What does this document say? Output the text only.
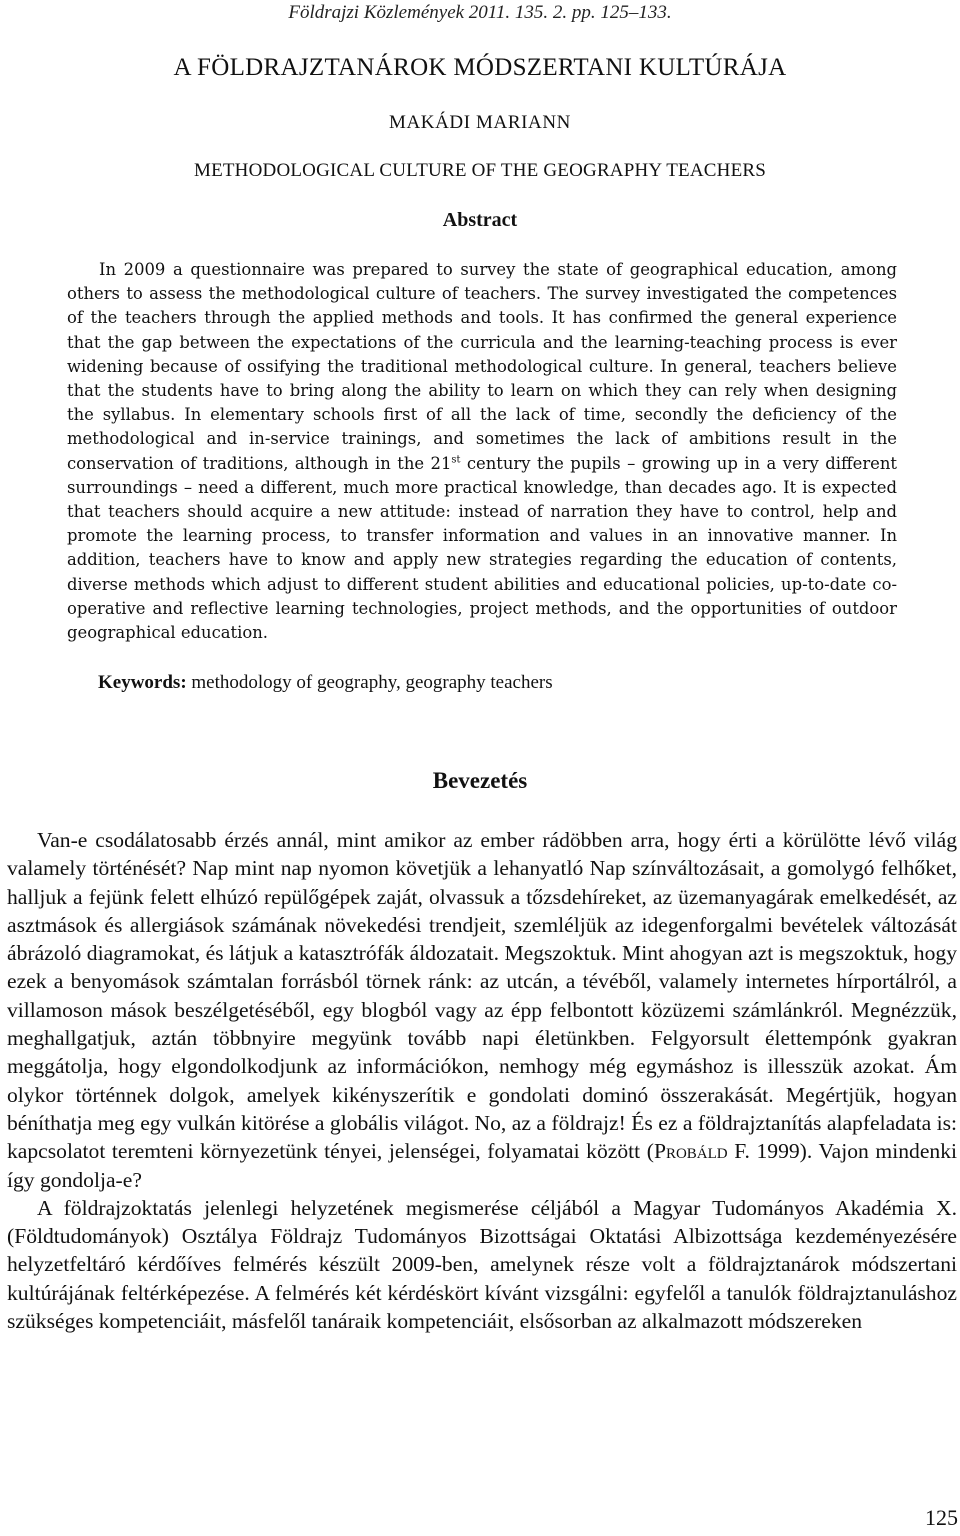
Földrajzi Közlemények 2011. 135. 2. pp. 125–133.
A FÖLDRAJZTANÁROK MÓDSZERTANI KULTÚRÁJA
MAKÁDI MARIANN
METHODOLOGICAL CULTURE OF THE GEOGRAPHY TEACHERS
Abstract

In 2009 a questionnaire was prepared to survey the state of geographical education, among others to assess the methodological culture of teachers. The survey investigated the competences of the teachers through the applied methods and tools. It has confirmed the general experience that the gap between the expectations of the curricula and the learning-teaching process is ever widening because of ossifying the traditional methodological culture. In general, teachers believe that the students have to bring along the ability to learn on which they can rely when designing the syllabus. In elementary schools first of all the lack of time, secondly the deficiency of the methodological and in-service trainings, and sometimes the lack of ambitions result in the conservation of traditions, although in the 21st century the pupils – growing up in a very different surroundings – need a different, much more practical knowledge, than decades ago. It is expected that teachers should acquire a new attitude: instead of narration they have to control, help and promote the learning process, to transfer information and values in an innovative manner. In addition, teachers have to know and apply new strategies regarding the education of contents, diverse methods which adjust to different student abilities and educational policies, up-to-date co-operative and reflective learning technologies, project methods, and the opportunities of outdoor geographical education.

Keywords: methodology of geography, geography teachers
Bevezetés

Van-e csodálatosabb érzés annál, mint amikor az ember rádöbben arra, hogy érti a körülötte lévő világ valamely történését? Nap mint nap nyomon követjük a lehanyatló Nap színváltozásait, a gomolygó felhőket, halljuk a fejünk felett elhúzó repülőgépek zaját, olvassuk a tőzsdehíreket, az üzemanyagárak emelkedését, az asztmások és allergiások számának növekedési trendjeit, szemléljük az idegenforgalmi bevételek változását ábrázoló diagramokat, és látjuk a katasztrófák áldozatait. Megszoktuk. Mint ahogyan azt is megszoktuk, hogy ezek a benyomások számtalan forrásból törnek ránk: az utcán, a tévéből, valamely internetes hírportálról, a villamoson mások beszélgetéséből, egy blogból vagy az épp felbontott közüzemi számlánkról. Megnézzük, meghallgatjuk, aztán többnyire megyünk tovább napi életünkben. Felgyorsult élettempónk gyakran meggátolja, hogy elgondolkodjunk az információkon, nemhogy még egymáshoz is illesszük azokat. Ám olykor történnek dolgok, amelyek kikényszerítik e gondolati dominó összerakását. Megértjük, hogyan béníthatja meg egy vulkán kitörése a globális világot. No, az a földrajz! És ez a földrajztanítás alapfeladata is: kapcsolatot teremteni környezetünk tényei, jelenségei, folyamatai között (Probáld F. 1999). Vajon mindenki így gondolja-e?

A földrajzoktatás jelenlegi helyzetének megismerése céljából a Magyar Tudományos Akadémia X. (Földtudományok) Osztálya Földrajz Tudományos Bizottságai Oktatási Albizottsága kezdeményezésére helyzetfeltáró kérdőíves felmérés készült 2009-ben, amelynek része volt a földrajztanárok módszertani kultúrájának feltérképezése. A felmérés két kérdéskört kívánt vizsgálni: egyfelől a tanulók földrajztanuláshoz szükséges kompetenciáit, másfelől tanáraik kompetenciáit, elsősorban az alkalmazott módszereken

125
